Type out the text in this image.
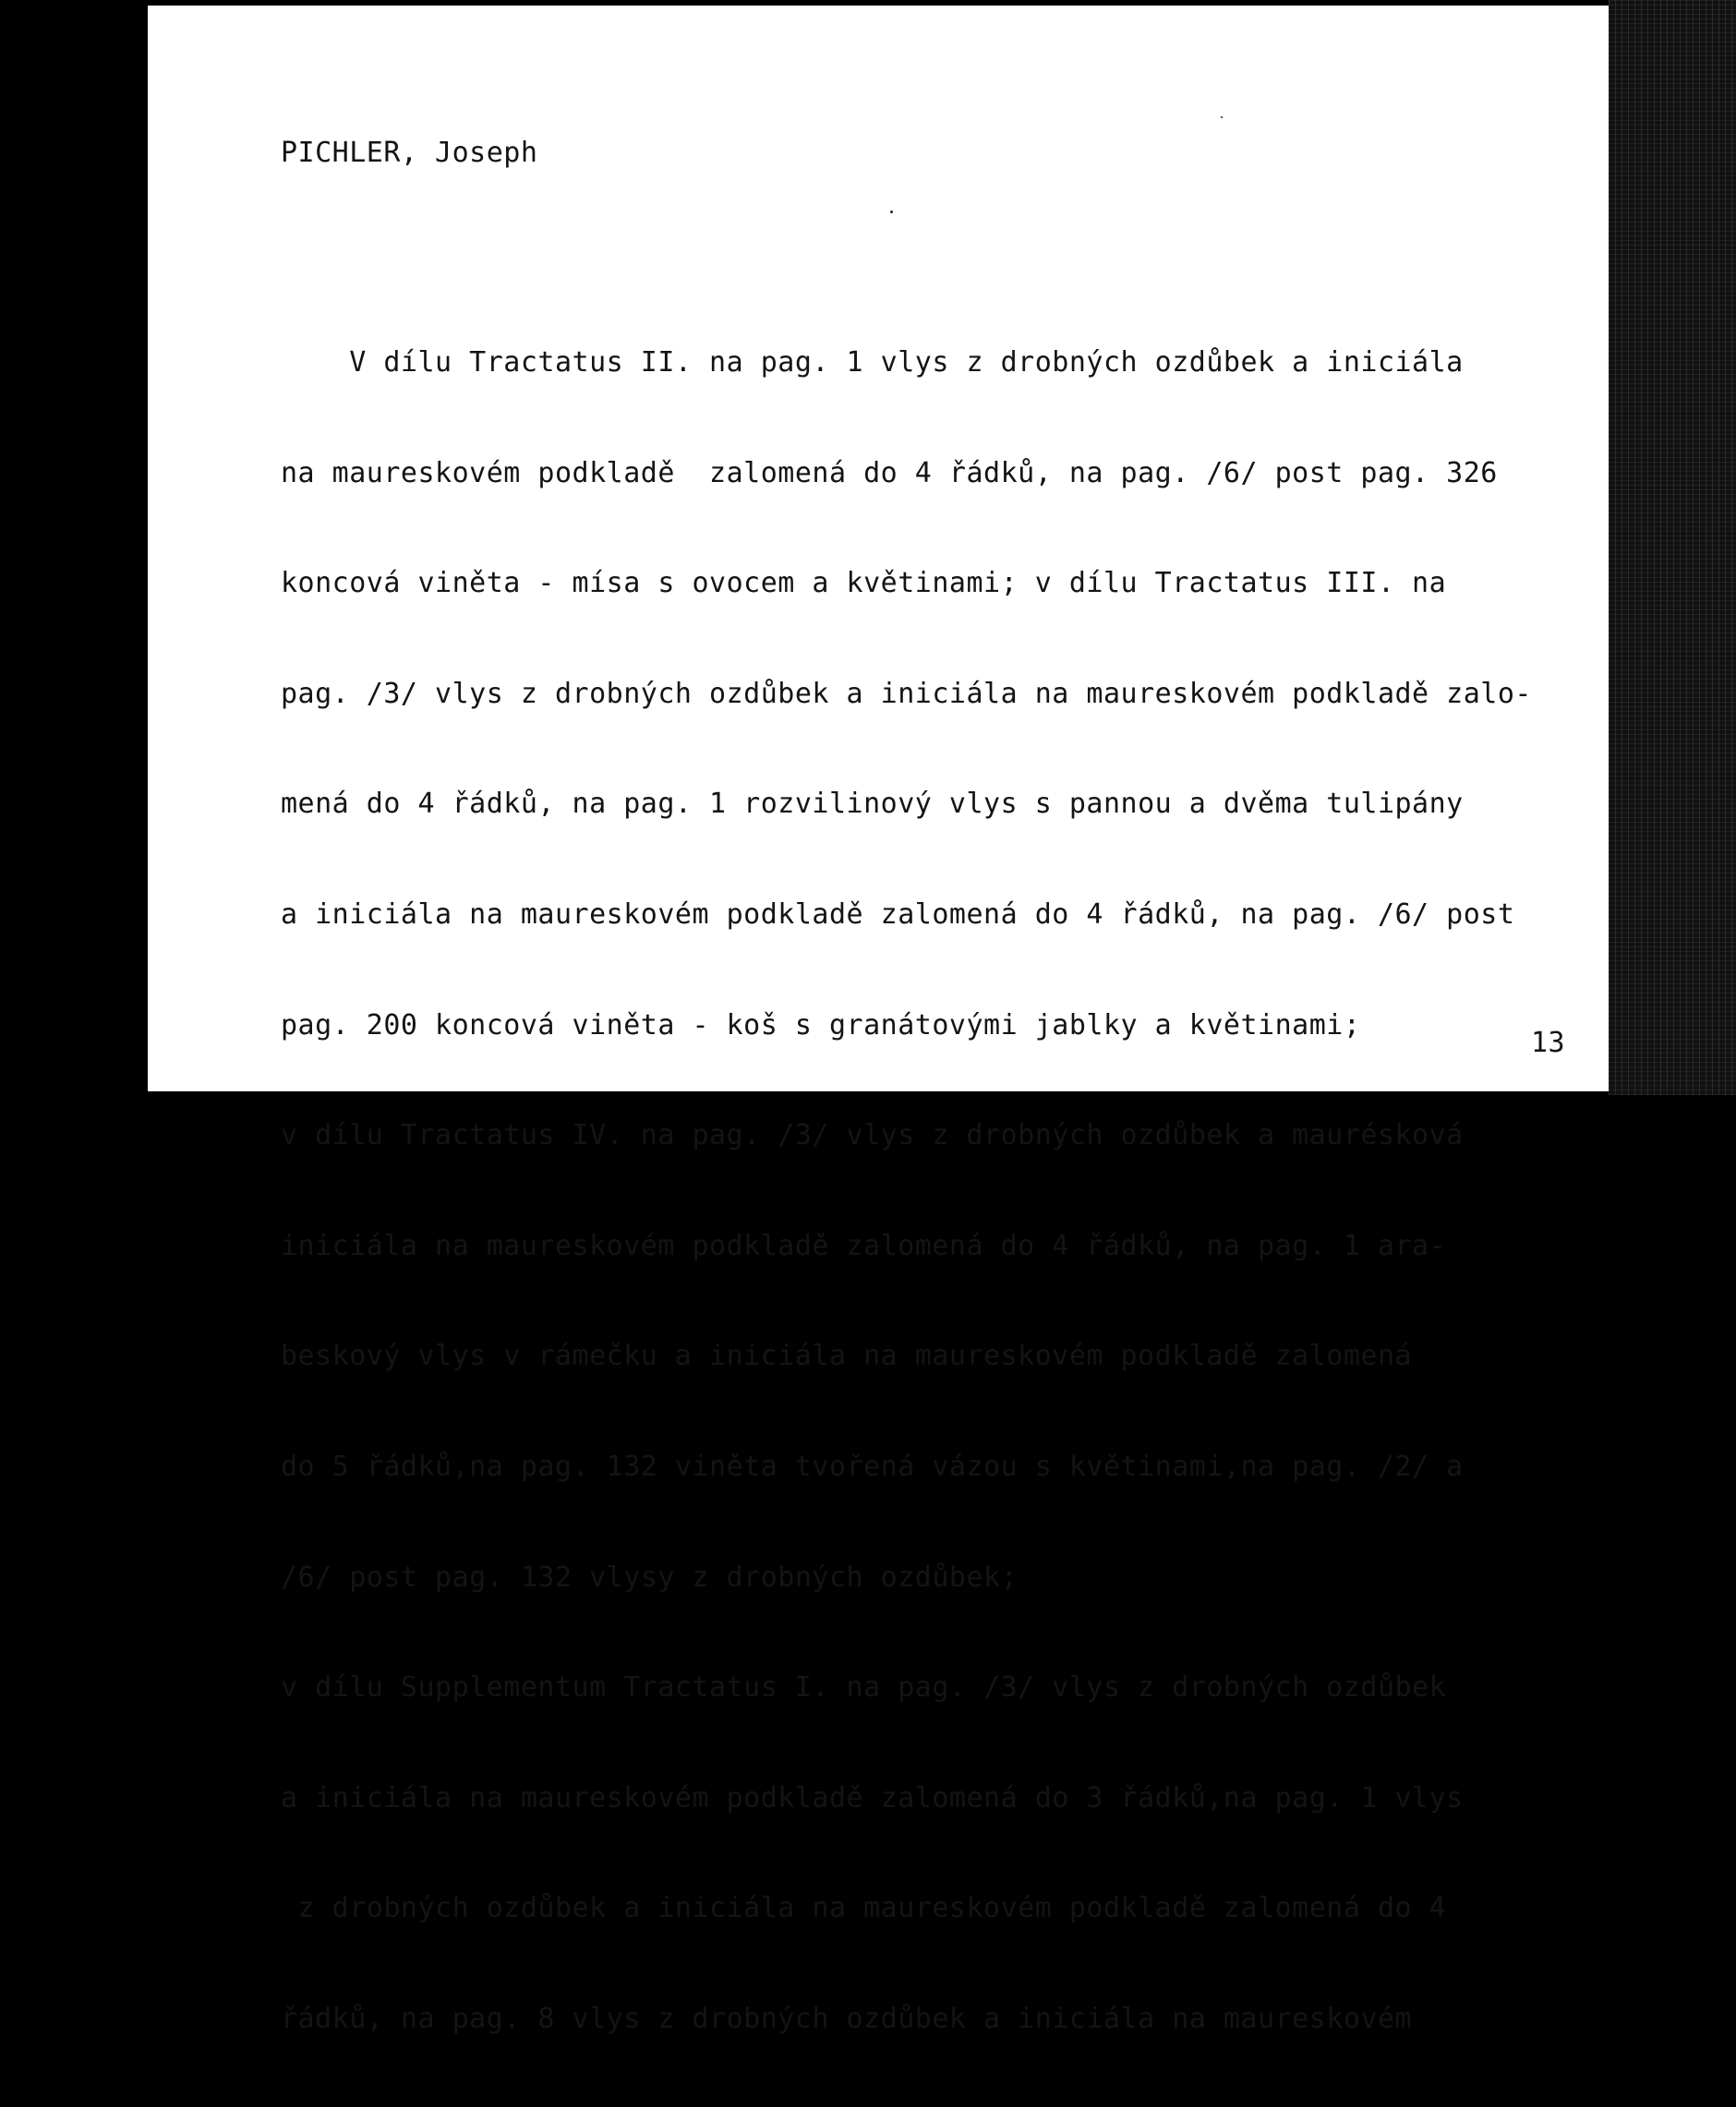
PICHLER, Joseph

V dílu Tractatus II. na pag. 1 vlys z drobných ozdůbek a iniciála

na maureskovém podkladě  zalomená do 4 řádků, na pag. /6/ post pag. 326

koncová viněta - mísa s ovocem a květinami; v dílu Tractatus III. na

pag. /3/ vlys z drobných ozdůbek a iniciála na maureskovém podkladě zalo-

mená do 4 řádků, na pag. 1 rozvilinový vlys s pannou a dvěma tulipány

a iniciála na maureskovém podkladě zalomená do 4 řádků, na pag. /6/ post

pag. 200 koncová viněta - koš s granátovými jablky a květinami;

v dílu Tractatus IV. na pag. /3/ vlys z drobných ozdůbek a maurésková

iniciála na maureskovém podkladě zalomená do 4 řádků, na pag. 1 ara-

beskový vlys v rámečku a iniciála na maureskovém podkladě zalomená

do 5 řádků,na pag. 132 viněta tvořená vázou s květinami,na pag. /2/ a

/6/ post pag. 132 vlysy z drobných ozdůbek;

v dílu Supplementum Tractatus I. na pag. /3/ vlys z drobných ozdůbek

a iniciála na maureskovém podkladě zalomená do 3 řádků,na pag. 1 vlys

z drobných ozdůbek a iniciála na maureskovém podkladě zalomená do 4

řádků, na pag. 8 vlys z drobných ozdůbek a iniciála na maureskovém

13
